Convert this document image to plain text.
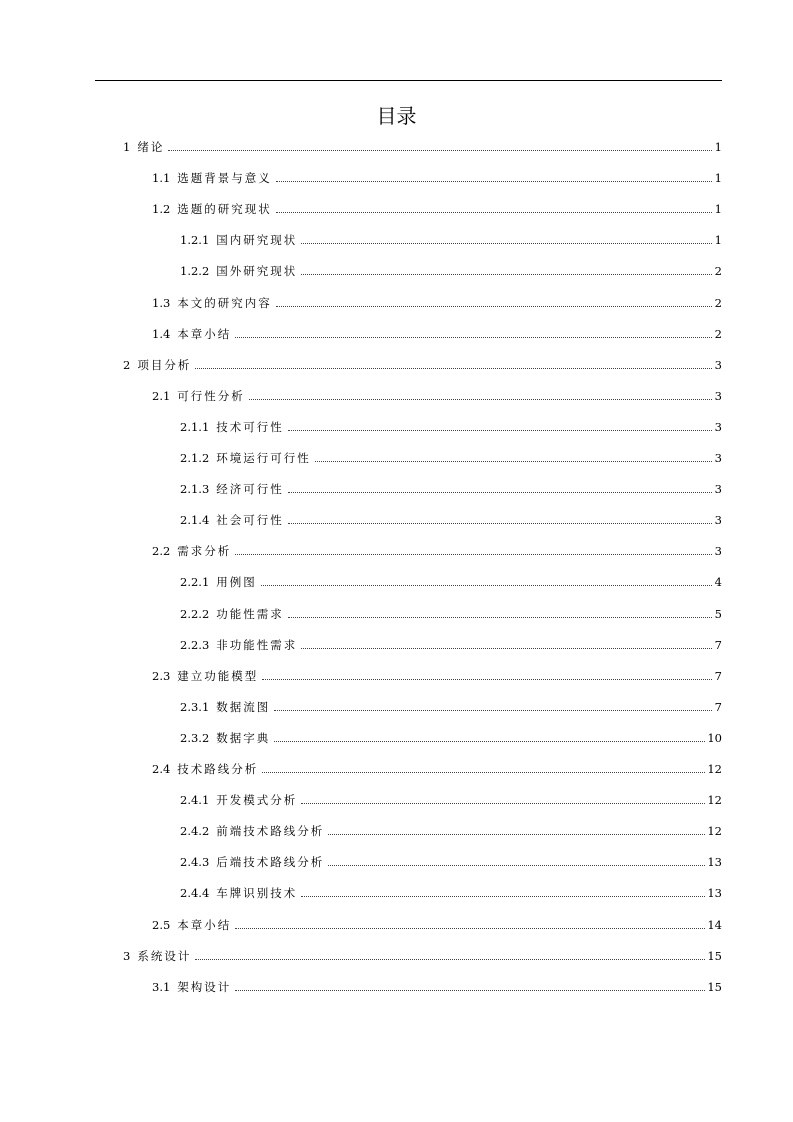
目录
1 绪论	1
1.1 选题背景与意义	1
1.2 选题的研究现状	1
1.2.1 国内研究现状	1
1.2.2 国外研究现状	2
1.3 本文的研究内容	2
1.4 本章小结	2
2 项目分析	3
2.1 可行性分析	3
2.1.1 技术可行性	3
2.1.2 环境运行可行性	3
2.1.3 经济可行性	3
2.1.4 社会可行性	3
2.2 需求分析	3
2.2.1 用例图	4
2.2.2 功能性需求	5
2.2.3 非功能性需求	7
2.3 建立功能模型	7
2.3.1 数据流图	7
2.3.2 数据字典	10
2.4 技术路线分析	12
2.4.1 开发模式分析	12
2.4.2 前端技术路线分析	12
2.4.3 后端技术路线分析	13
2.4.4 车牌识别技术	13
2.5 本章小结	14
3 系统设计	15
3.1 架构设计	15
